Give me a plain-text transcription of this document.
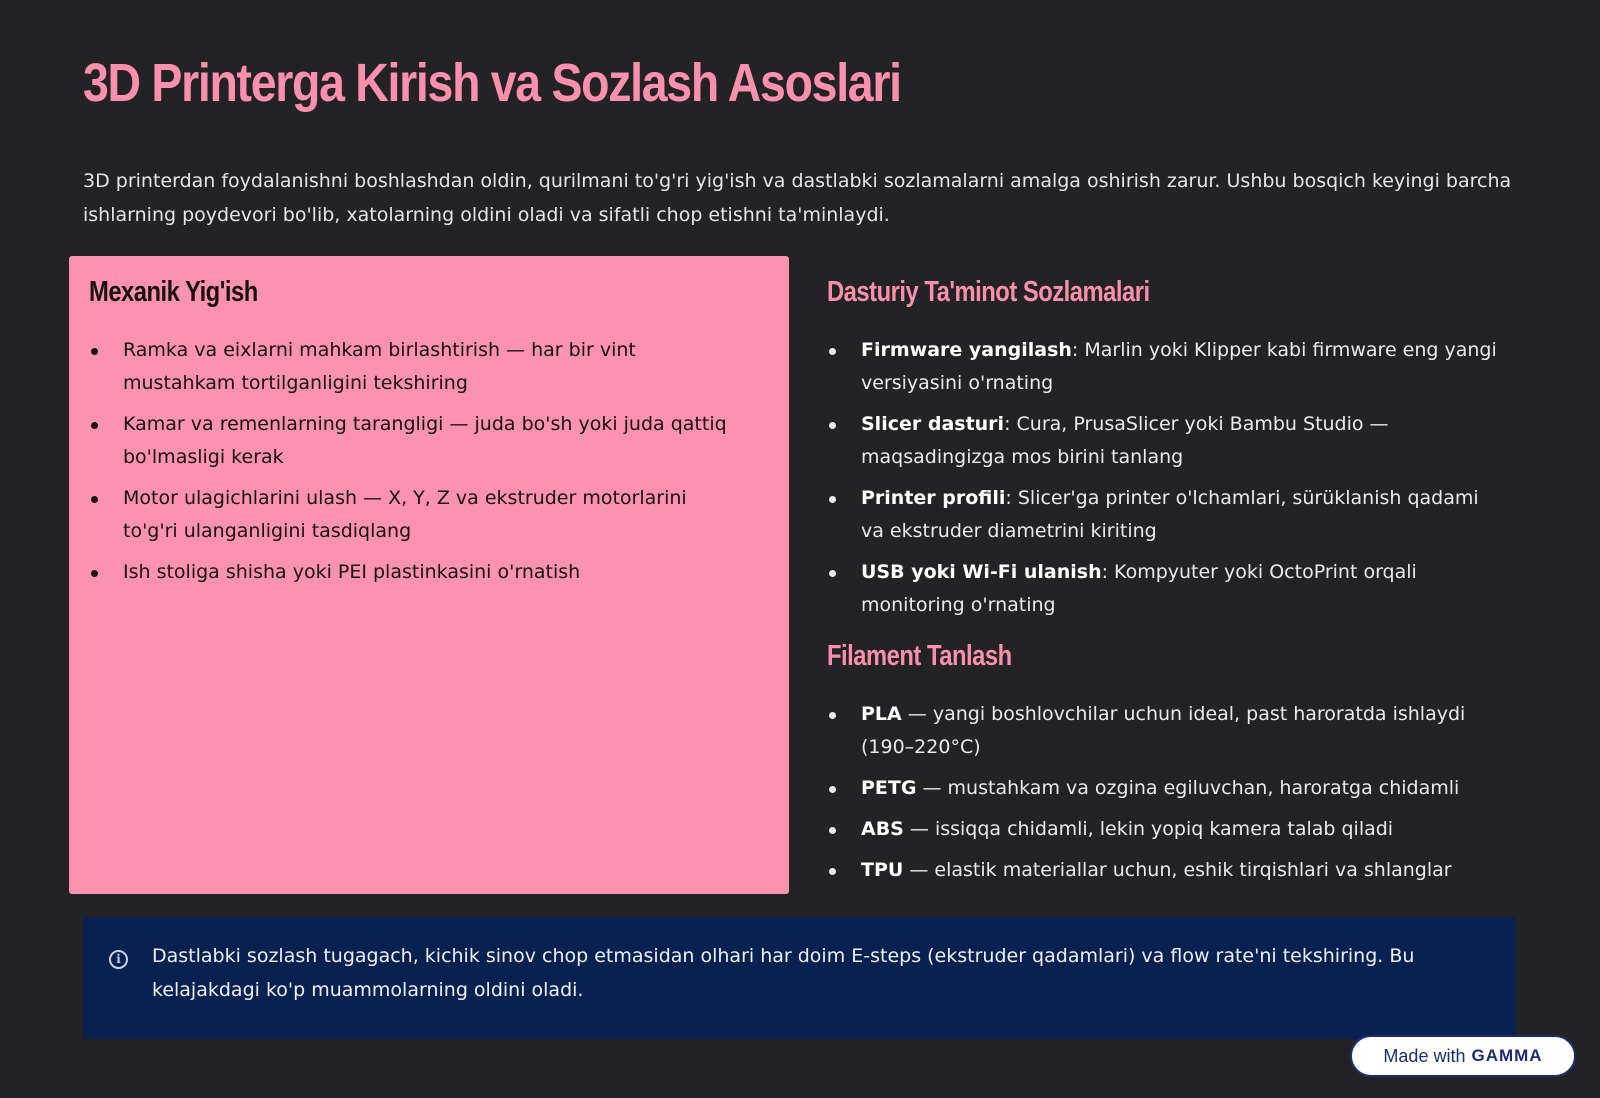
3D Printerga Kirish va Sozlash Asoslari

3D printerdan foydalanishni boshlashdan oldin, qurilmani to'g'ri yig'ish va dastlabki sozlamalarni amalga oshirish zarur. Ushbu bosqich keyingi barcha ishlarning poydevori bo'lib, xatolarning oldini oladi va sifatli chop etishni ta'minlaydi.

Mexanik Yig'ish
Ramka va eixlarni mahkam birlashtirish — har bir vint mustahkam tortilganligini tekshiring
Kamar va remenlarning tarangligi — juda bo'sh yoki juda qattiq bo'lmasligi kerak
Motor ulagichlarini ulash — X, Y, Z va ekstruder motorlarini to'g'ri ulanganligini tasdiqlang
Ish stoliga shisha yoki PEI plastinkasini o'rnatish
Dasturiy Ta'minot Sozlamalari
Firmware yangilash: Marlin yoki Klipper kabi firmware eng yangi versiyasini o'rnating
Slicer dasturi: Cura, PrusaSlicer yoki Bambu Studio — maqsadingizga mos birini tanlang
Printer profili: Slicer'ga printer o'lchamlari, sürüklanish qadami va ekstruder diametrini kiriting
USB yoki Wi-Fi ulanish: Kompyuter yoki OctoPrint orqali monitoring o'rnating
Filament Tanlash
PLA — yangi boshlovchilar uchun ideal, past haroratda ishlaydi (190–220°C)
PETG — mustahkam va ozgina egiluvchan, haroratga chidamli
ABS — issiqqa chidamli, lekin yopiq kamera talab qiladi
TPU — elastik materiallar uchun, eshik tirqishlari va shlanglar
i	Dastlabki sozlash tugagach, kichik sinov chop etmasidan olhari har doim E-steps (ekstruder qadamlari) va flow rate'ni tekshiring. Bu kelajakdagi ko'p muammolarning oldini oladi.

Made with GAMMA
